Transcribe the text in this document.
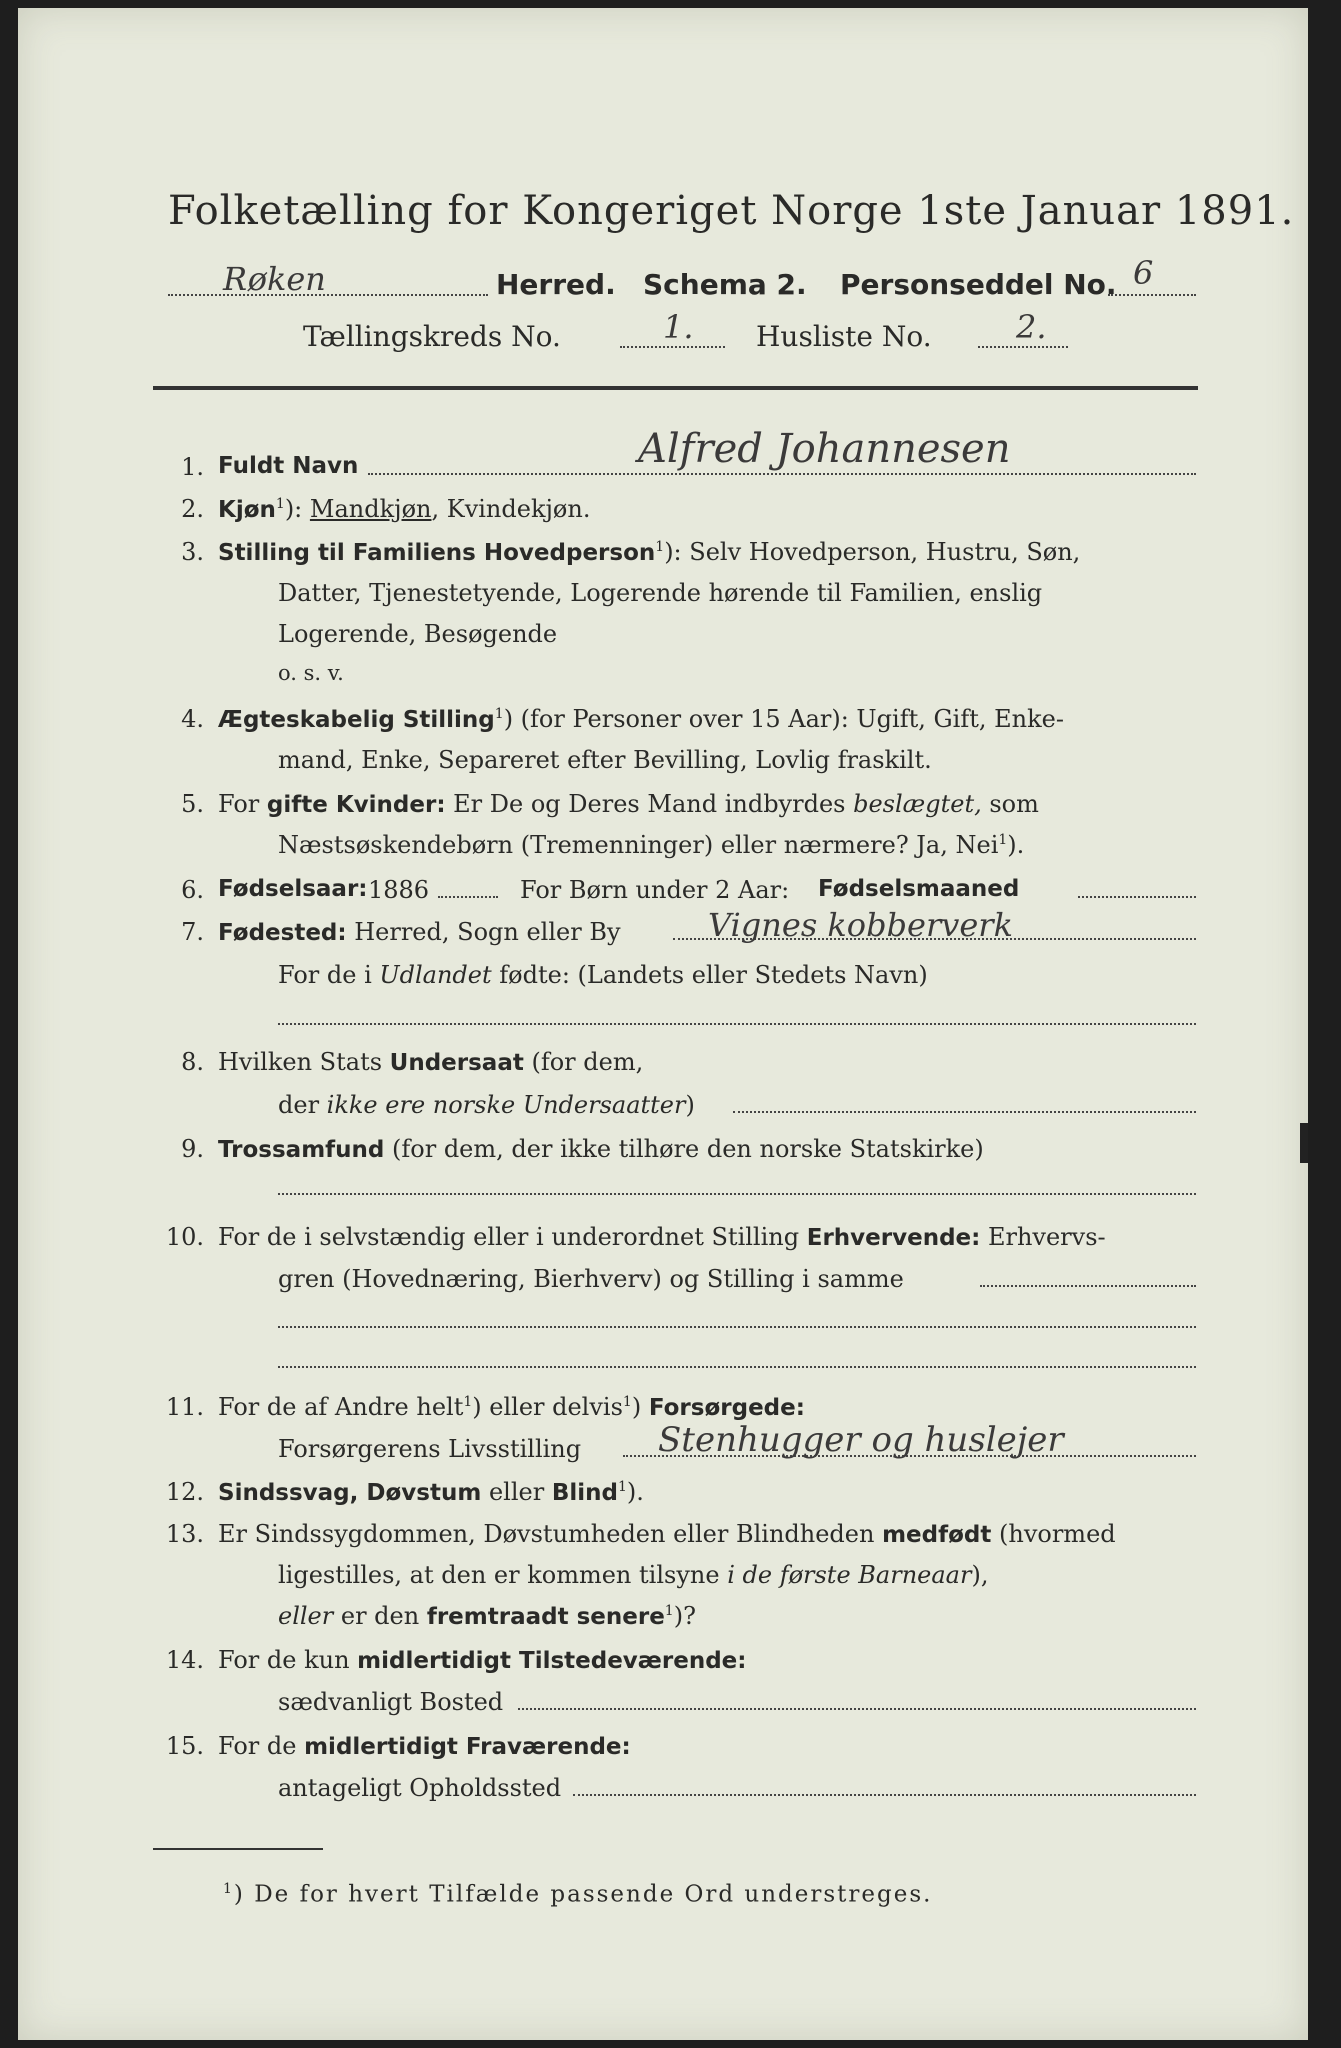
Folketælling for Kongeriget Norge 1ste Januar 1891.
Røken	Herred. Schema 2. Personseddel No. 6
Tællingskreds No.	1. Husliste No.	2.
1. Fuldt Navn	Alfred Johannesen
2. Kjøn$^1$): Mandkjøn, Kvindekjøn.
3. Stilling til Familiens Hovedperson$^1$): Selv Hovedperson, Hustru, Søn,
Datter, Tjenestetyende, Logerende hørende til Familien, enslig
Logerende, Besøgende
o. s. v.
4. Ægteskabelig Stilling$^1$) (for Personer over 15 Aar): Ugift, Gift, Enke-
mand, Enke, Separeret efter Bevilling, Lovlig fraskilt.
5. For gifte Kvinder: Er De og Deres Mand indbyrdes beslægtet, som
Næstsøskendebørn (Tremenninger) eller nærmere? Ja, Nei$^1$).
6. Fødselsaar: 1886	For Børn under 2 Aar: Fødselsmaaned
7. Fødested: Herred, Sogn eller By	Vignes kobberverk
For de i Udlandet fødte: (Landets eller Stedets Navn)
8. Hvilken Stats Undersaat (for dem,
der ikke ere norske Undersaatter)
9. Trossamfund (for dem, der ikke tilhøre den norske Statskirke)
10. For de i selvstændig eller i underordnet Stilling Erhvervende: Erhvervs-
gren (Hovednæring, Bierhverv) og Stilling i samme
11. For de af Andre helt$^1$) eller delvis$^1$) Forsørgede:
Forsørgerens Livsstilling Stenhugger og huslejer
12. Sindssvag, Døvstum eller Blind$^1$).
13. Er Sindssygdommen, Døvstumheden eller Blindheden medfødt (hvormed
ligestilles, at den er kommen tilsyne i de første Barneaar),
eller er den fremtraadt senere$^1$)?
14. For de kun midlertidigt Tilstedeværende:
sædvanligt Bosted
15. For de midlertidigt Fraværende:
antageligt Opholdssted
$^1$) De for hvert Tilfælde passende Ord understreges.
